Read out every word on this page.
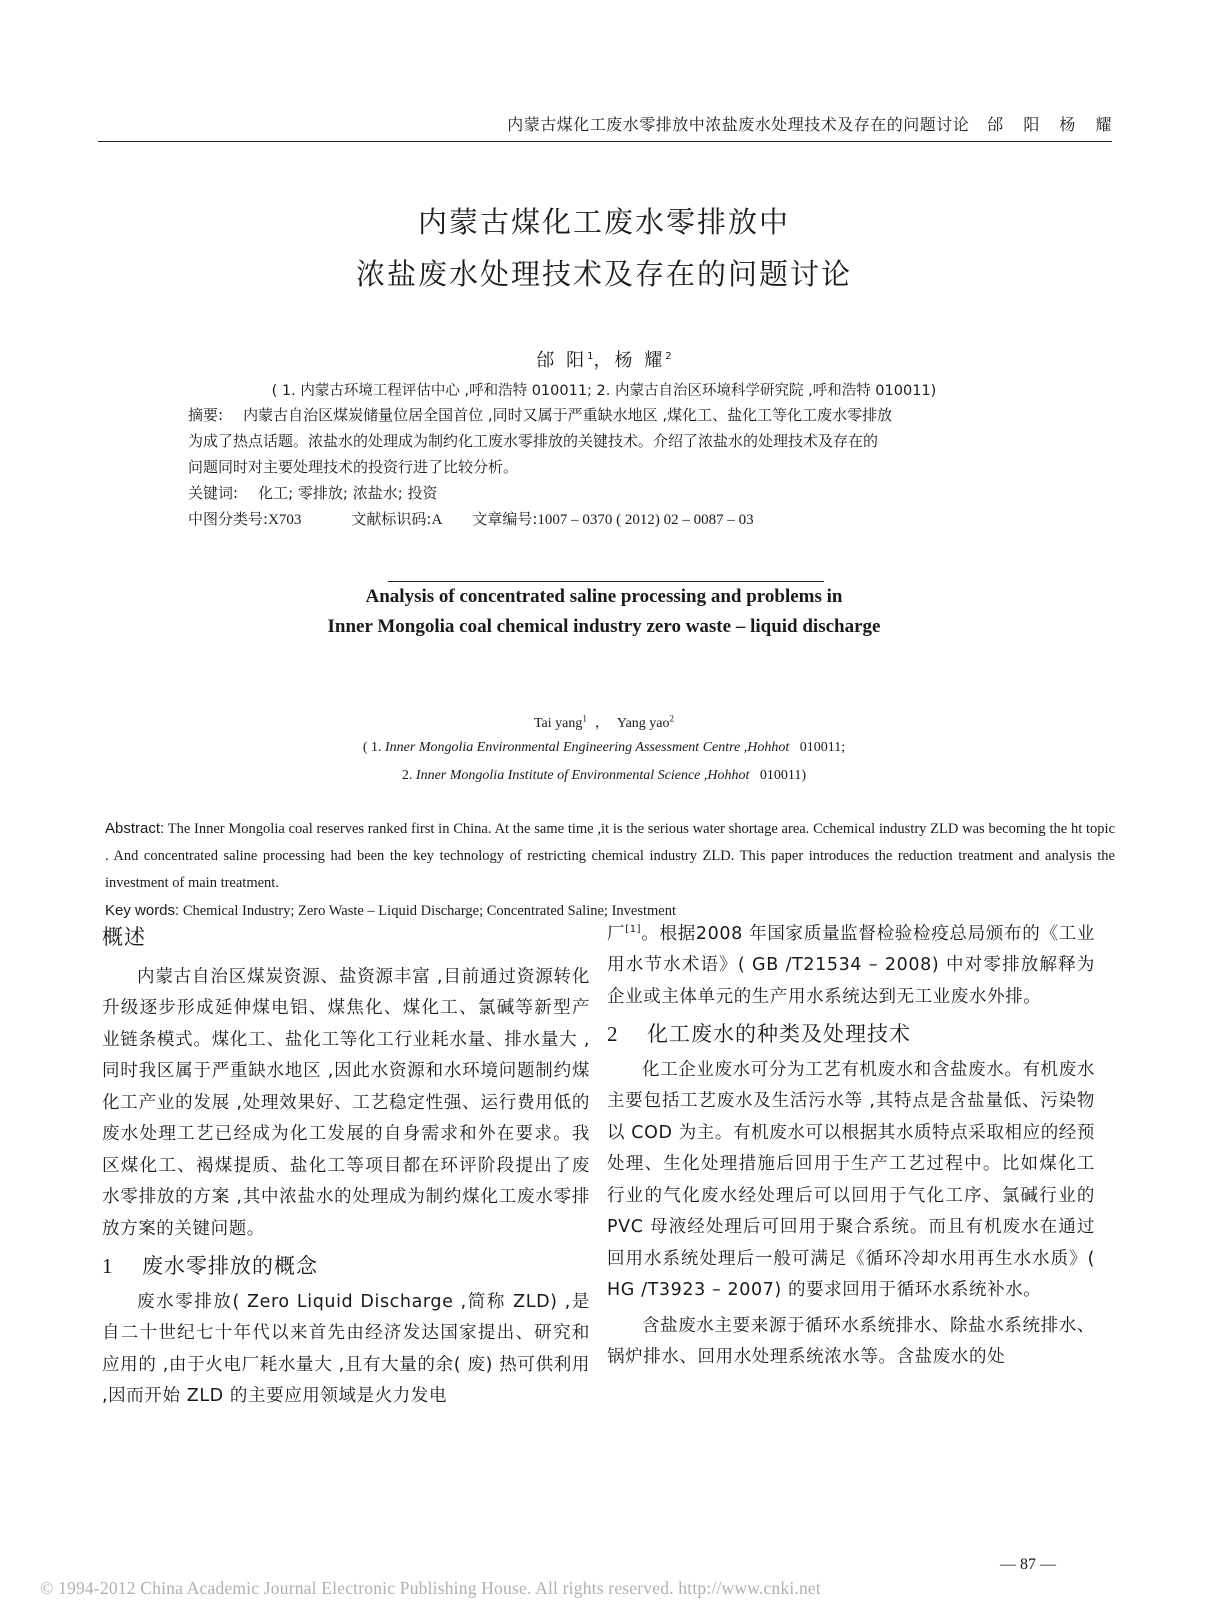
内蒙古煤化工废水零排放中浓盐废水处理技术及存在的问题讨论 邰 阳 杨 耀
内蒙古煤化工废水零排放中
浓盐废水处理技术及存在的问题讨论
邰 阳$^1$，杨 耀$^2$
( 1. 内蒙古环境工程评估中心 ,呼和浩特 010011; 2. 内蒙古自治区环境科学研究院 ,呼和浩特 010011)
摘要: 内蒙古自治区煤炭储量位居全国首位 ,同时又属于严重缺水地区 ,煤化工、盐化工等化工废水零排放
为成了热点话题。浓盐水的处理成为制约化工废水零排放的关键技术。介绍了浓盐水的处理技术及存在的
问题同时对主要处理技术的投资行进了比较分析。
关键词: 化工; 零排放; 浓盐水; 投资
中图分类号:X703	文献标识码:A 文章编号:1007 – 0370 ( 2012) 02 – 0087 – 03
Analysis of concentrated saline processing and problems in
Inner Mongolia coal chemical industry zero waste – liquid discharge
Tai yang$^1$ ， Yang yao$^2$
( 1. Inner Mongolia Environmental Engineering Assessment Centre ,Hohhot 010011;
2. Inner Mongolia Institute of Environmental Science ,Hohhot 010011)
Abstract: The Inner Mongolia coal reserves ranked first in China. At the same time ,it is the serious water shortage area. Cchemical industry ZLD was becoming the ht topic . And concentrated saline processing had been the key technology of restricting chemical industry ZLD. This paper introduces the reduction treatment and analysis the investment of main treatment.
Key words: Chemical Industry; Zero Waste – Liquid Discharge; Concentrated Saline; Investment
概述

内蒙古自治区煤炭资源、盐资源丰富 ,目前通过资源转化升级逐步形成延伸煤电铝、煤焦化、煤化工、氯碱等新型产业链条模式。煤化工、盐化工等化工行业耗水量、排水量大 ,同时我区属于严重缺水地区 ,因此水资源和水环境问题制约煤化工产业的发展 ,处理效果好、工艺稳定性强、运行费用低的废水处理工艺已经成为化工发展的自身需求和外在要求。我区煤化工、褐煤提质、盐化工等项目都在环评阶段提出了废水零排放的方案 ,其中浓盐水的处理成为制约煤化工废水零排放方案的关键问题。

1 废水零排放的概念

废水零排放( Zero Liquid Discharge ,简称 ZLD) ,是自二十世纪七十年代以来首先由经济发达国家提出、研究和应用的 ,由于火电厂耗水量大 ,且有大量的余( 废) 热可供利用 ,因而开始 ZLD 的主要应用领域是火力发电

厂[1]。根据2008 年国家质量监督检验检疫总局颁布的《工业用水节水术语》( GB /T21534 – 2008) 中对零排放解释为企业或主体单元的生产用水系统达到无工业废水外排。

2 化工废水的种类及处理技术

化工企业废水可分为工艺有机废水和含盐废水。有机废水主要包括工艺废水及生活污水等 ,其特点是含盐量低、污染物以 COD 为主。有机废水可以根据其水质特点采取相应的经预处理、生化处理措施后回用于生产工艺过程中。比如煤化工行业的气化废水经处理后可以回用于气化工序、氯碱行业的 PVC 母液经处理后可回用于聚合系统。而且有机废水在通过回用水系统处理后一般可满足《循环冷却水用再生水水质》( HG /T3923 – 2007) 的要求回用于循环水系统补水。

含盐废水主要来源于循环水系统排水、除盐水系统排水、锅炉排水、回用水处理系统浓水等。含盐废水的处

— 87 —
© 1994-2012 China Academic Journal Electronic Publishing House. All rights reserved. http://www.cnki.net
